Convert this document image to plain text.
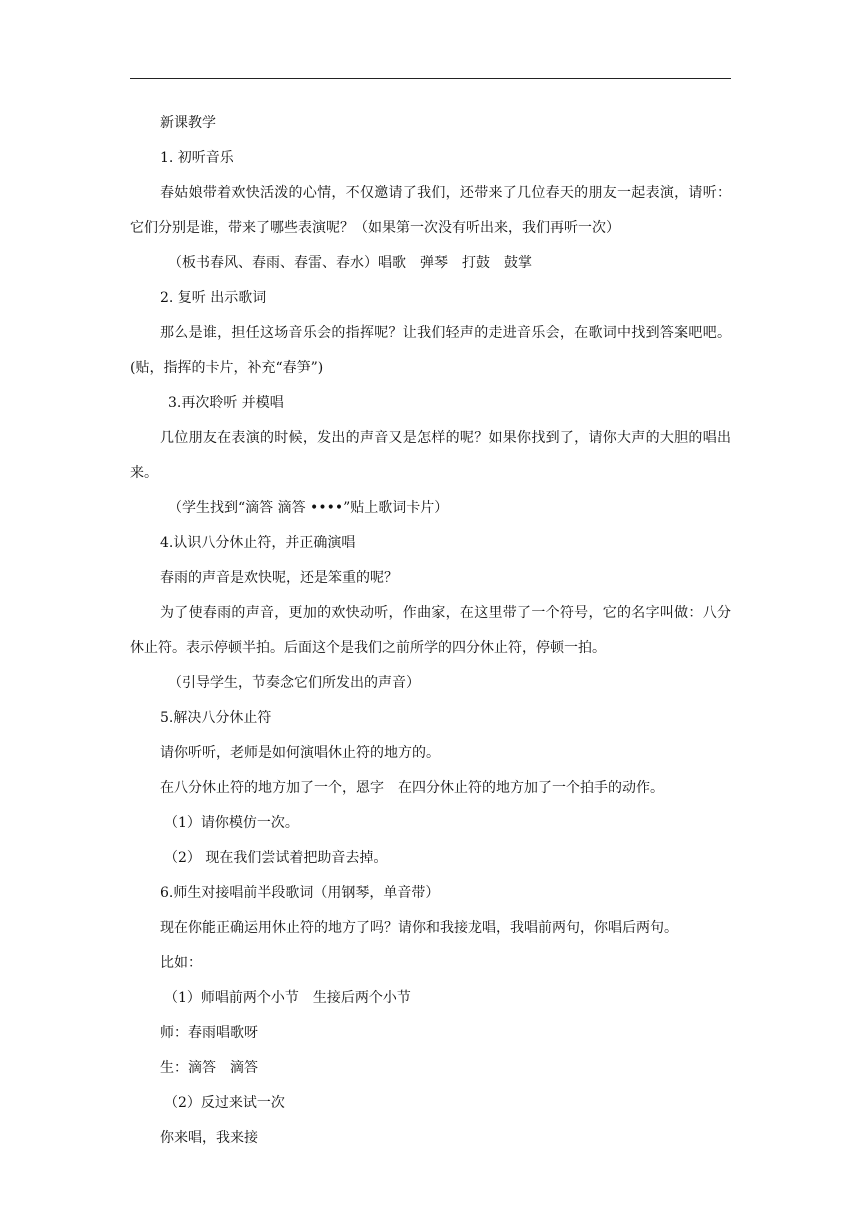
新课教学

1. 初听音乐

春姑娘带着欢快活泼的心情，不仅邀请了我们，还带来了几位春天的朋友一起表演，请听：它们分别是谁，带来了哪些表演呢？（如果第一次没有听出来，我们再听一次）

（板书春风、春雨、春雷、春水）唱歌　弹琴　打鼓　鼓掌

2. 复听 出示歌词

那么是谁，担任这场音乐会的指挥呢？让我们轻声的走进音乐会，在歌词中找到答案吧吧。(贴，指挥的卡片，补充“春笋”)

3.再次聆听 并模唱

几位朋友在表演的时候，发出的声音又是怎样的呢？如果你找到了，请你大声的大胆的唱出来。

（学生找到“滴答 滴答 ••••”贴上歌词卡片）

4.认识八分休止符，并正确演唱

春雨的声音是欢快呢，还是笨重的呢？

为了使春雨的声音，更加的欢快动听，作曲家，在这里带了一个符号，它的名字叫做：八分休止符。表示停顿半拍。后面这个是我们之前所学的四分休止符，停顿一拍。

（引导学生，节奏念它们所发出的声音）

5.解决八分休止符

请你听听，老师是如何演唱休止符的地方的。

在八分休止符的地方加了一个，恩字　在四分休止符的地方加了一个拍手的动作。

（1）请你模仿一次。

（2） 现在我们尝试着把助音去掉。

6.师生对接唱前半段歌词（用钢琴，单音带）

现在你能正确运用休止符的地方了吗？请你和我接龙唱，我唱前两句，你唱后两句。

比如：

（1）师唱前两个小节　生接后两个小节

师：春雨唱歌呀

生：滴答　滴答

（2）反过来试一次

你来唱，我来接
